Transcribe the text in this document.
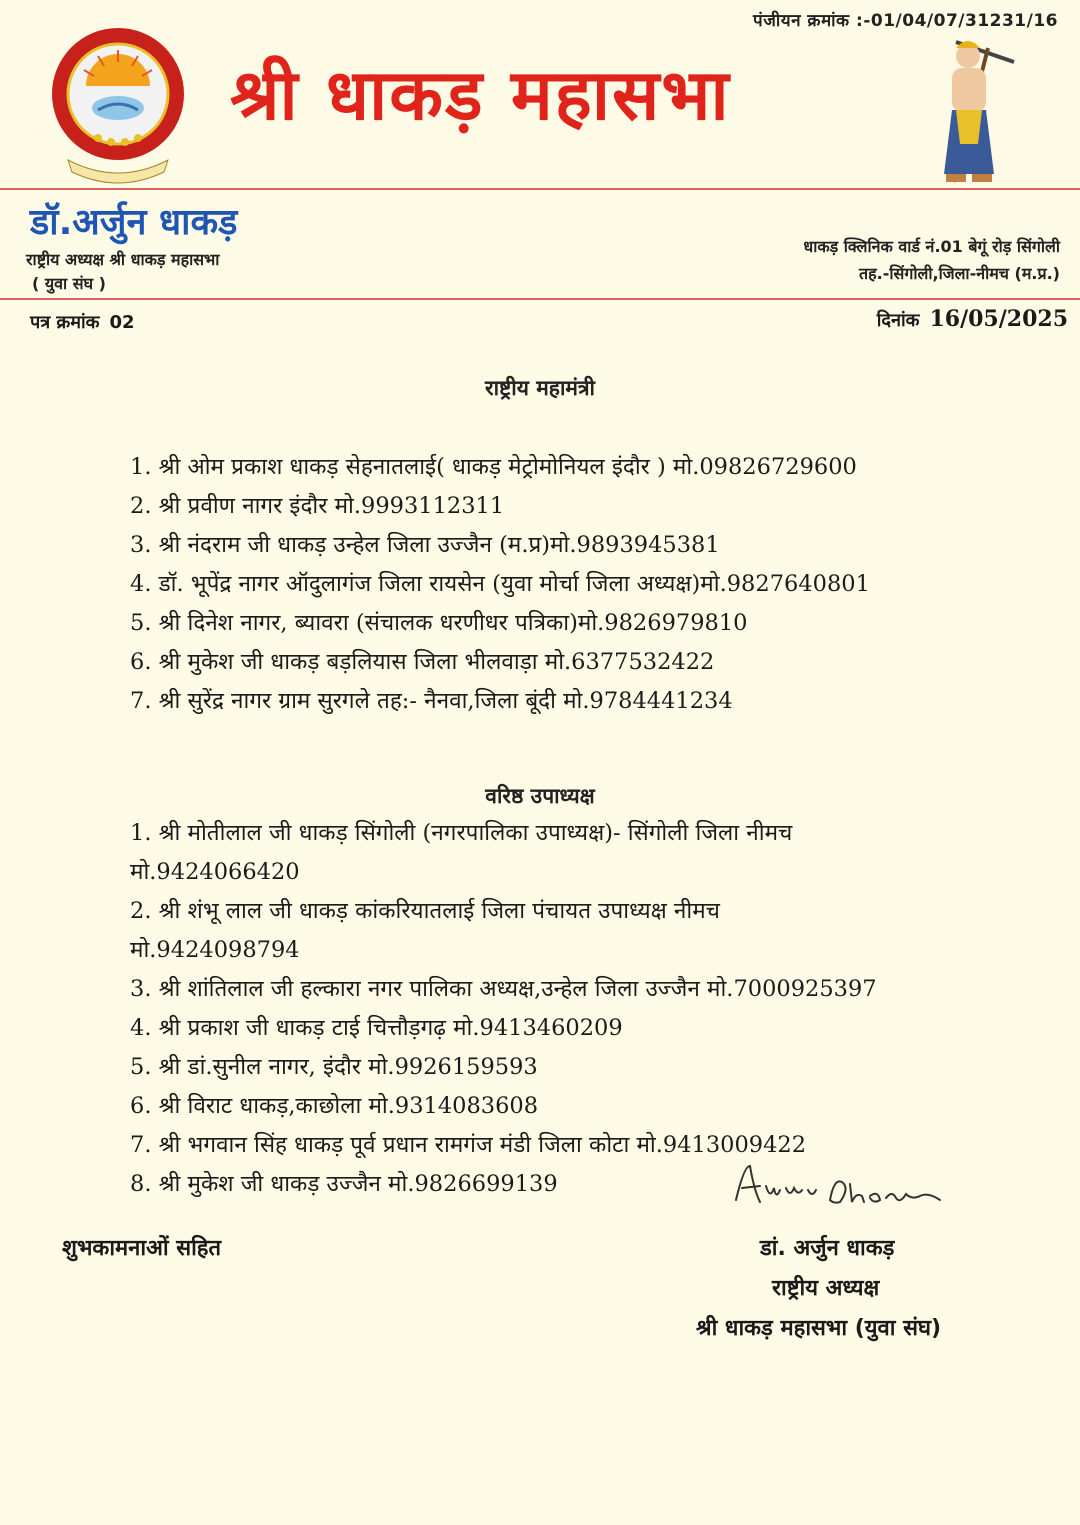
पंजीयन क्रमांक :-01/04/07/31231/16
श्री धाकड़ महासभा
डॉ.अर्जुन धाकड़
राष्ट्रीय अध्यक्ष श्री धाकड़ महासभा
( युवा संघ )
धाकड़ क्लिनिक वार्ड नं.01 बेगूं रोड़ सिंगोली
तह.-सिंगोली,जिला-नीमच (म.प्र.)
पत्र क्रमांक 02	दिनांक 16/05/2025
राष्ट्रीय महामंत्री
1. श्री ओम प्रकाश धाकड़ सेहनातलाई( धाकड़ मेट्रोमोनियल इंदौर ) मो.09826729600
2. श्री प्रवीण नागर इंदौर मो.9993112311
3. श्री नंदराम जी धाकड़ उन्हेल जिला उज्जैन (म.प्र)मो.9893945381
4. डॉ. भूपेंद्र नागर ऑदुलागंज जिला रायसेन (युवा मोर्चा जिला अध्यक्ष)मो.9827640801
5. श्री दिनेश नागर, ब्यावरा (संचालक धरणीधर पत्रिका)मो.9826979810
6. श्री मुकेश जी धाकड़ बड़लियास जिला भीलवाड़ा मो.6377532422
7. श्री सुरेंद्र नागर ग्राम सुरगले तह:- नैनवा,जिला बूंदी मो.9784441234
वरिष्ठ उपाध्यक्ष
1. श्री मोतीलाल जी धाकड़ सिंगोली (नगरपालिका उपाध्यक्ष)- सिंगोली जिला नीमच
मो.9424066420
2. श्री शंभू लाल जी धाकड़ कांकरियातलाई जिला पंचायत उपाध्यक्ष नीमच
मो.9424098794
3. श्री शांतिलाल जी हल्कारा नगर पालिका अध्यक्ष,उन्हेल जिला उज्जैन मो.7000925397
4. श्री प्रकाश जी धाकड़ टाई चित्तौड़गढ़ मो.9413460209
5. श्री डां.सुनील नागर, इंदौर मो.9926159593
6. श्री विराट धाकड़,काछोला मो.9314083608
7. श्री भगवान सिंह धाकड़ पूर्व प्रधान रामगंज मंडी जिला कोटा मो.9413009422
8. श्री मुकेश जी धाकड़ उज्जैन मो.9826699139
शुभकामनाओं सहित	डां. अर्जुन धाकड़
राष्ट्रीय अध्यक्ष
श्री धाकड़ महासभा (युवा संघ)
